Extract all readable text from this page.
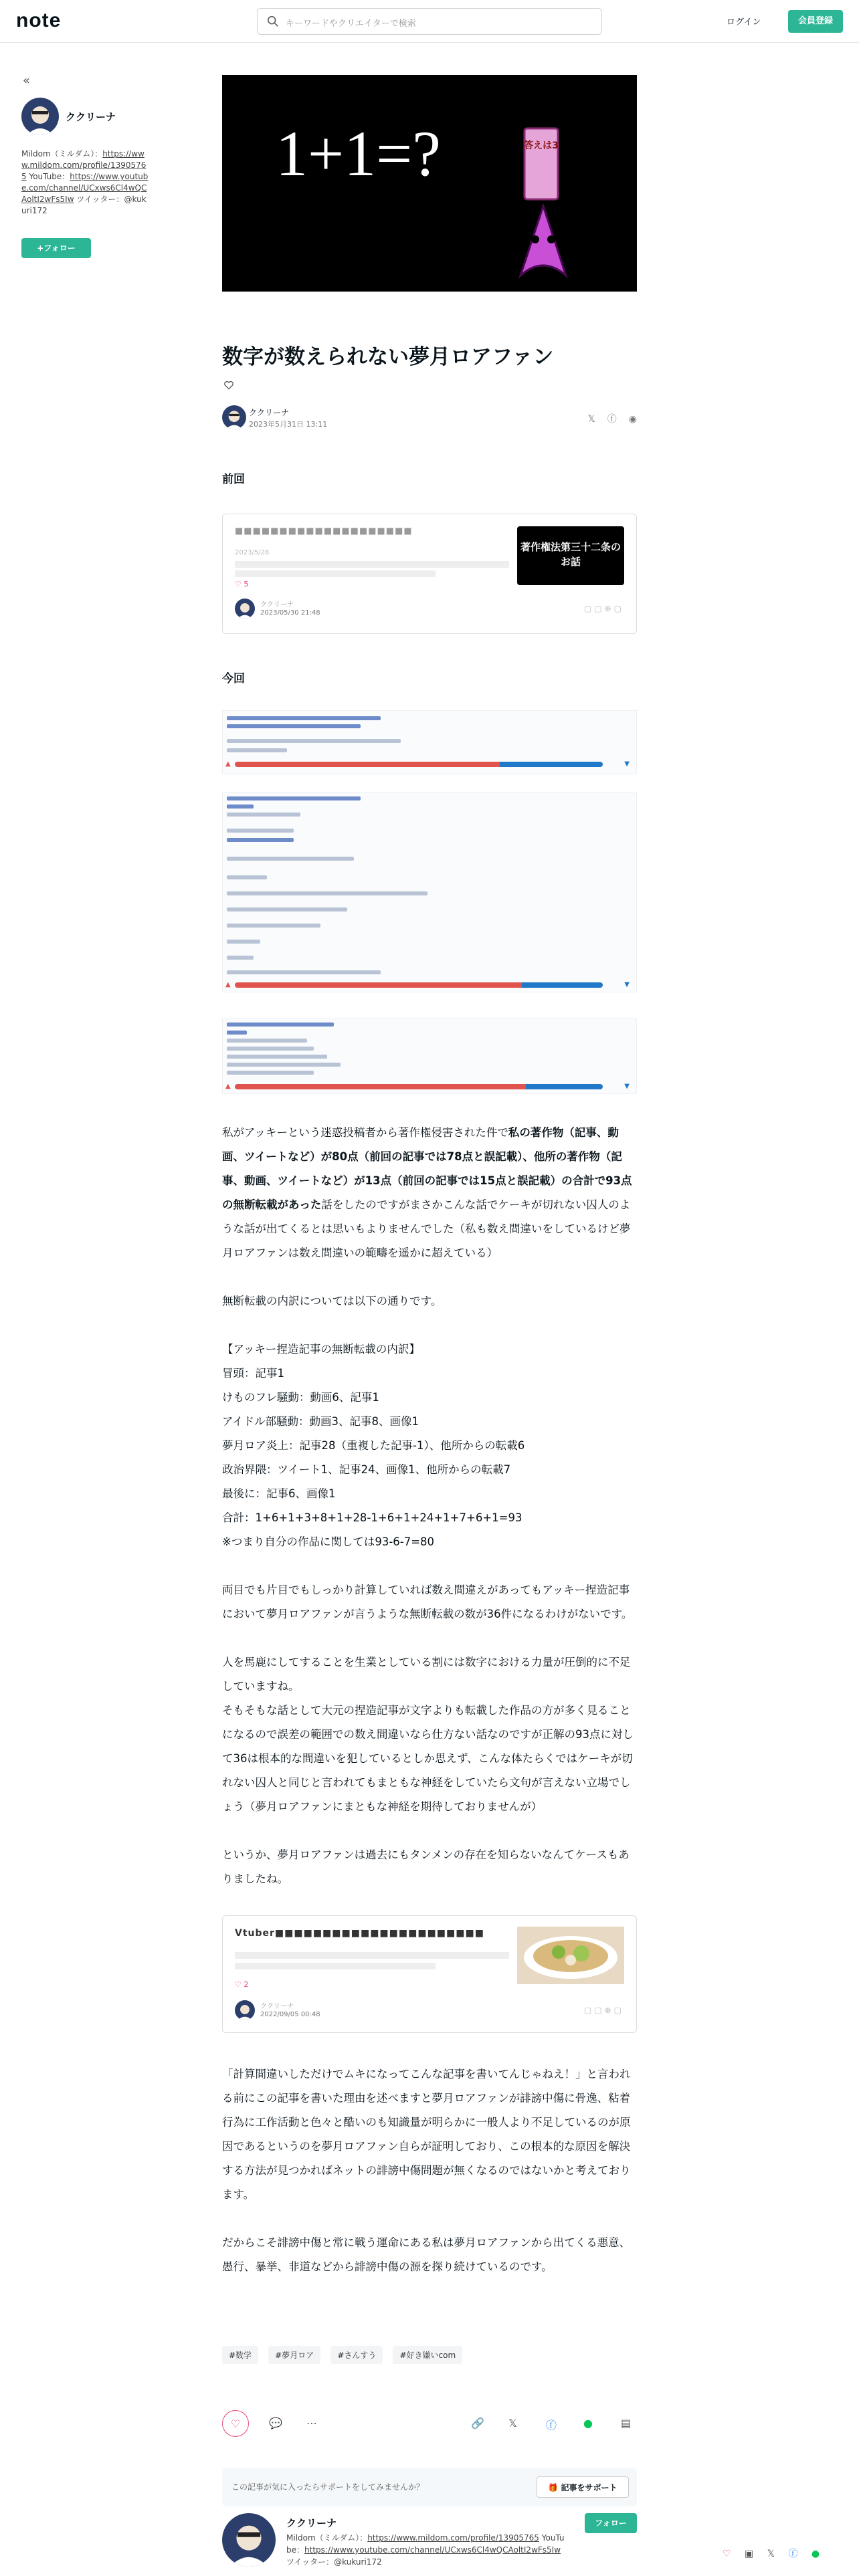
note	キーワードやクリエイターで検索	ログイン	会員登録
«
ククリーナ
Mildom（ミルダム）：https://www.mildom.com/profile/13905765 YouTube：https://www.youtube.com/channel/UCxws6Cl4wQCAoltI2wFs5Iw ツイッター：@kukuri172
+フォロー
1+1=?	答えは3
数字が数えられない夢月ロアファン
ククリーナ
2023年5月31日 13:11	𝕏 ⓕ ◉
前回
■■■■■■■■■■■■■■■■■■■■
2023/5/28
♡ 5
ククリーナ
2023/05/30 21:48	▢▢⊕▢
著作権法第三十二条の
お話
今回
▲	▼
▲	▼
▲	▼
私がアッキーという迷惑投稿者から著作権侵害された件で私の著作物（記事、動画、ツイートなど）が80点（前回の記事では78点と誤記載）、他所の著作物（記事、動画、ツイートなど）が13点（前回の記事では15点と誤記載）の合計で93点の無断転載があった話をしたのですがまさかこんな話でケーキが切れない囚人のような話が出てくるとは思いもよりませんでした（私も数え間違いをしているけど夢月ロアファンは数え間違いの範疇を遥かに超えている）
無断転載の内訳については以下の通りです。
【アッキー捏造記事の無断転載の内訳】
冒頭：記事1
けものフレ騒動：動画6、記事1
アイドル部騒動：動画3、記事8、画像1
夢月ロア炎上：記事28（重複した記事-1）、他所からの転載6
政治界隈：ツイート1、記事24、画像1、他所からの転載7
最後に：記事6、画像1
合計：1+6+1+3+8+1+28-1+6+1+24+1+7+6+1=93
※つまり自分の作品に関しては93-6-7=80
両目でも片目でもしっかり計算していれば数え間違えがあってもアッキー捏造記事において夢月ロアファンが言うような無断転載の数が36件になるわけがないです。
人を馬鹿にしてすることを生業としている割には数字における力量が圧倒的に不足していますね。
そもそもな話として大元の捏造記事が文字よりも転載した作品の方が多く見ることになるので誤差の範囲での数え間違いなら仕方ない話なのですが正解の93点に対して36は根本的な間違いを犯しているとしか思えず、こんな体たらくではケーキが切れない囚人と同じと言われてもまともな神経をしていたら文句が言えない立場でしょう（夢月ロアファンにまともな神経を期待しておりませんが）
というか、夢月ロアファンは過去にもタンメンの存在を知らないなんてケースもありましたね。
Vtuber■■■■■■■■■■■■■■■■■■■■■■
♡ 2
ククリーナ
2022/09/05 00:48	▢▢⊕▢
「計算間違いしただけでムキになってこんな記事を書いてんじゃねえ！」と言われる前にこの記事を書いた理由を述べますと夢月ロアファンが誹謗中傷に骨逸、粘着行為に工作活動と色々と酷いのも知識量が明らかに一般人より不足しているのが原因であるというのを夢月ロアファン自らが証明しており、この根本的な原因を解決する方法が見つかればネットの誹謗中傷問題が無くなるのではないかと考えております。
だからこそ誹謗中傷と常に戦う運命にある私は夢月ロアファンから出てくる悪意、愚行、暴挙、非道などから誹謗中傷の源を探り続けているのです。
#数学	#夢月ロア	#さんすう	#好き嫌いcom
♡	💬 ⋯	🔗 𝕏	ⓕ ●	▤
この記事が気に入ったらサポートをしてみませんか？	🎁 記事をサポート
ククリーナ
Mildom（ミルダム）：https://www.mildom.com/profile/13905765 YouTube：https://www.youtube.com/channel/UCxws6Cl4wQCAoltI2wFs5Iw ツイッター：@kukuri172
フォロー
♡ ▣ 𝕏 ⓕ ●
